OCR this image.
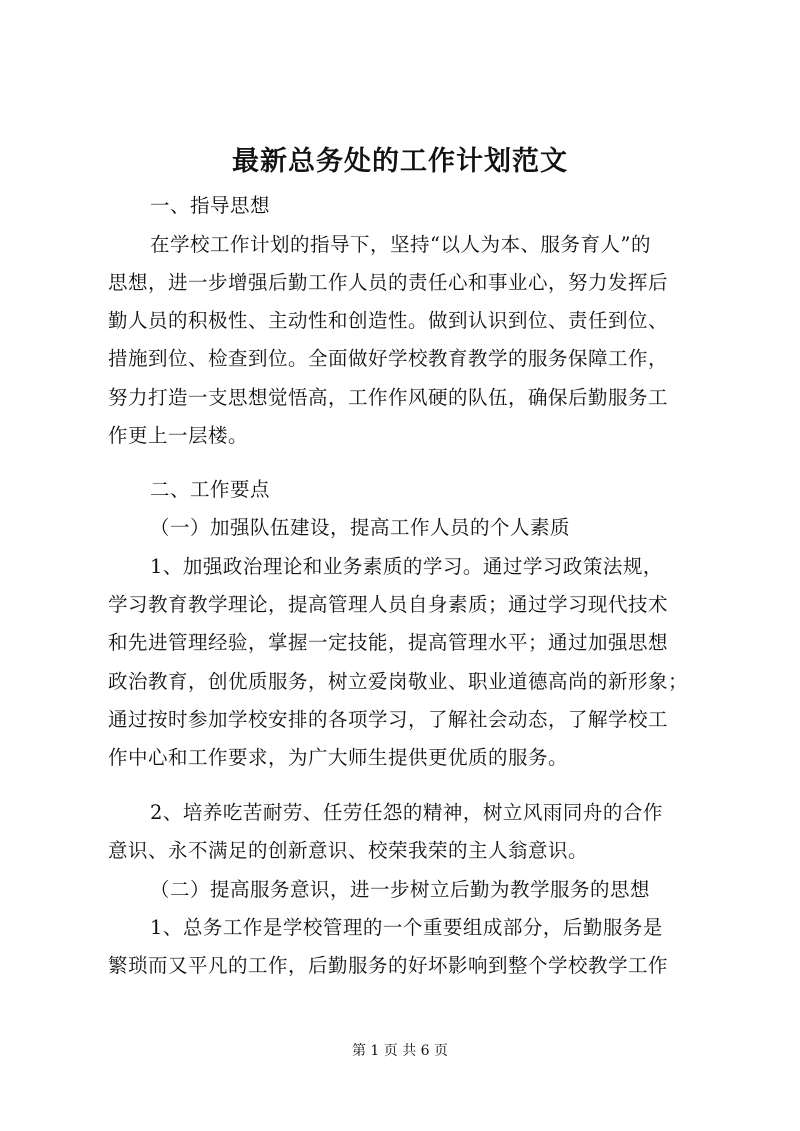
最新总务处的工作计划范文
一、指导思想
在学校工作计划的指导下，坚持“以人为本、服务育人”的
思想，进一步增强后勤工作人员的责任心和事业心，努力发挥后
勤人员的积极性、主动性和创造性。做到认识到位、责任到位、
措施到位、检查到位。全面做好学校教育教学的服务保障工作，
努力打造一支思想觉悟高，工作作风硬的队伍，确保后勤服务工
作更上一层楼。
二、工作要点
（一）加强队伍建设，提高工作人员的个人素质
1、加强政治理论和业务素质的学习。通过学习政策法规，
学习教育教学理论，提高管理人员自身素质；通过学习现代技术
和先进管理经验，掌握一定技能，提高管理水平；通过加强思想
政治教育，创优质服务，树立爱岗敬业、职业道德高尚的新形象；
通过按时参加学校安排的各项学习，了解社会动态，了解学校工
作中心和工作要求，为广大师生提供更优质的服务。
2、培养吃苦耐劳、任劳任怨的精神，树立风雨同舟的合作
意识、永不满足的创新意识、校荣我荣的主人翁意识。
（二）提高服务意识，进一步树立后勤为教学服务的思想
1、总务工作是学校管理的一个重要组成部分，后勤服务是
繁琐而又平凡的工作，后勤服务的好坏影响到整个学校教学工作
第 1 页 共 6 页
